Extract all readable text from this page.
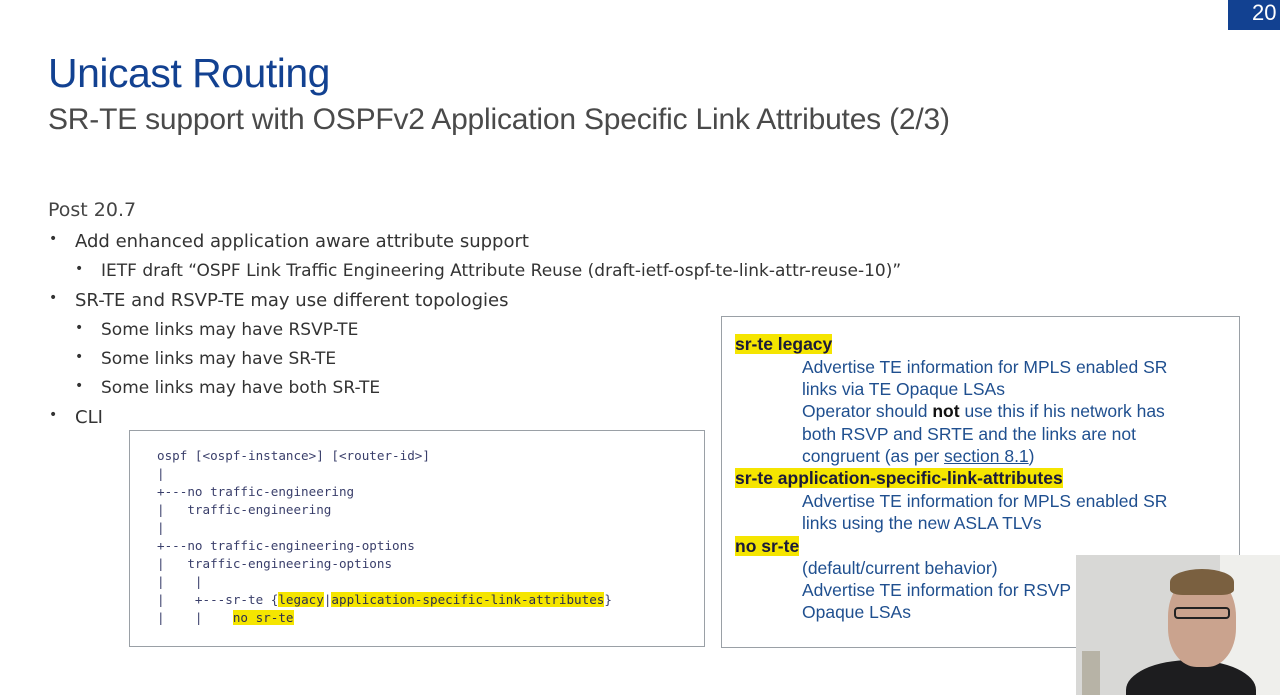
20
Unicast Routing
SR-TE support with OSPFv2 Application Specific Link Attributes (2/3)
Post 20.7
• Add enhanced application aware attribute support
• IETF draft “OSPF Link Traffic Engineering Attribute Reuse (draft-ietf-ospf-te-link-attr-reuse-10)”
• SR-TE and RSVP-TE may use different topologies
• Some links may have RSVP-TE
• Some links may have SR-TE
• Some links may have both SR-TE
• CLI
ospf [<ospf-instance>] [<router-id>]
|
+---no traffic-engineering
|   traffic-engineering
|
+---no traffic-engineering-options
|   traffic-engineering-options
|    |
|    +---sr-te {legacy|application-specific-link-attributes}
|    |    no sr-te
sr-te legacy
Advertise TE information for MPLS enabled SR
links via TE Opaque LSAs
Operator should not use this if his network has
both RSVP and SRTE and the links are not
congruent (as per section 8.1)
sr-te application-specific-link-attributes
Advertise TE information for MPLS enabled SR
links using the new ASLA TLVs
no sr-te
(default/current behavior)
Advertise TE information for RSVP
Opaque LSAs
